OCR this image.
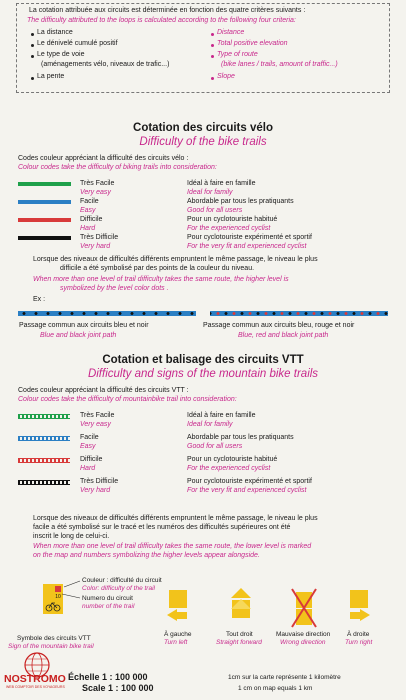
La cotation attribuée aux circuits est déterminée en fonction des quatre critères suivants :
The difficulty attributed to the loops is calculated according to the following four criteria:
La distance
Le dénivelé cumulé positif
Le type de voie
(aménagements vélo, niveaux de trafic...)
La pente
Distance
Total positive elevation
Type of route
(bike lanes / trails, amount of traffic...)
Slope
Cotation des circuits vélo
Difficulty of the bike trails
Codes couleur appréciant la difficulté des circuits vélo :
Colour codes take the difficulty of biking trails into consideration:
Très Facile
Very easy
Idéal à faire en famille
Ideal for family
Facile
Easy
Abordable par tous les pratiquants
Good for all users
Difficile
Hard
Pour un cyclotouriste habitué
For the experienced cyclist
Très Difficile
Very hard
Pour cyclotouriste expérimenté et sportif
For the very fit and experienced cyclist
Lorsque des niveaux de difficultés différents empruntent le même passage, le niveau le plus
difficile a été symbolisé par des points de la couleur du niveau.
When more than one level of trail difficulty takes the same route, the higher level is
symbolized by the level color dots .
Ex :
Passage commun aux circuits bleu et noir
Blue and black joint path
Passage commun aux circuits bleu, rouge et noir
Blue, red and black joint path
Cotation et balisage des circuits VTT
Difficulty and signs of the mountain bike trails
Codes couleur appréciant la difficulté des circuits VTT :
Colour codes take the difficulty of mountainbike trail into consideration:
Très Facile
Very easy
Idéal à faire en famille
Ideal for family
Facile
Easy
Abordable par tous les pratiquants
Good for all users
Difficile
Hard
Pour un cyclotouriste habitué
For the experienced cyclist
Très Difficile
Very hard
Pour cyclotouriste expérimenté et sportif
For the very fit and experienced cyclist
Lorsque des niveaux de difficultés différents empruntent le même passage, le niveau le plus
facile a été symbolisé sur le tracé et les numéros des difficultés supérieures ont été
inscrit le long de celui-ci.
When more than one level of trail difficulty takes the same route, the lower level is marked
on the map and numbers symbolizing the higher levels appear alongside.
10
Couleur : difficulté du circuit
Color: difficulty of the trail
Numero du circuit
number of the trail
Symbole des circuits VTT
Sign of the mountain bike trail
À gauche
Turn left
Tout droit
Straight forward
Mauvaise direction
Wrong direction
À droite
Turn right
NOSTROMO
WEB COMPTOIR DES VOYAGEURS
Échelle 1 : 100 000
Scale 1 : 100 000
1cm sur la carte représente 1 kilomètre
1 cm on map equals 1 km
